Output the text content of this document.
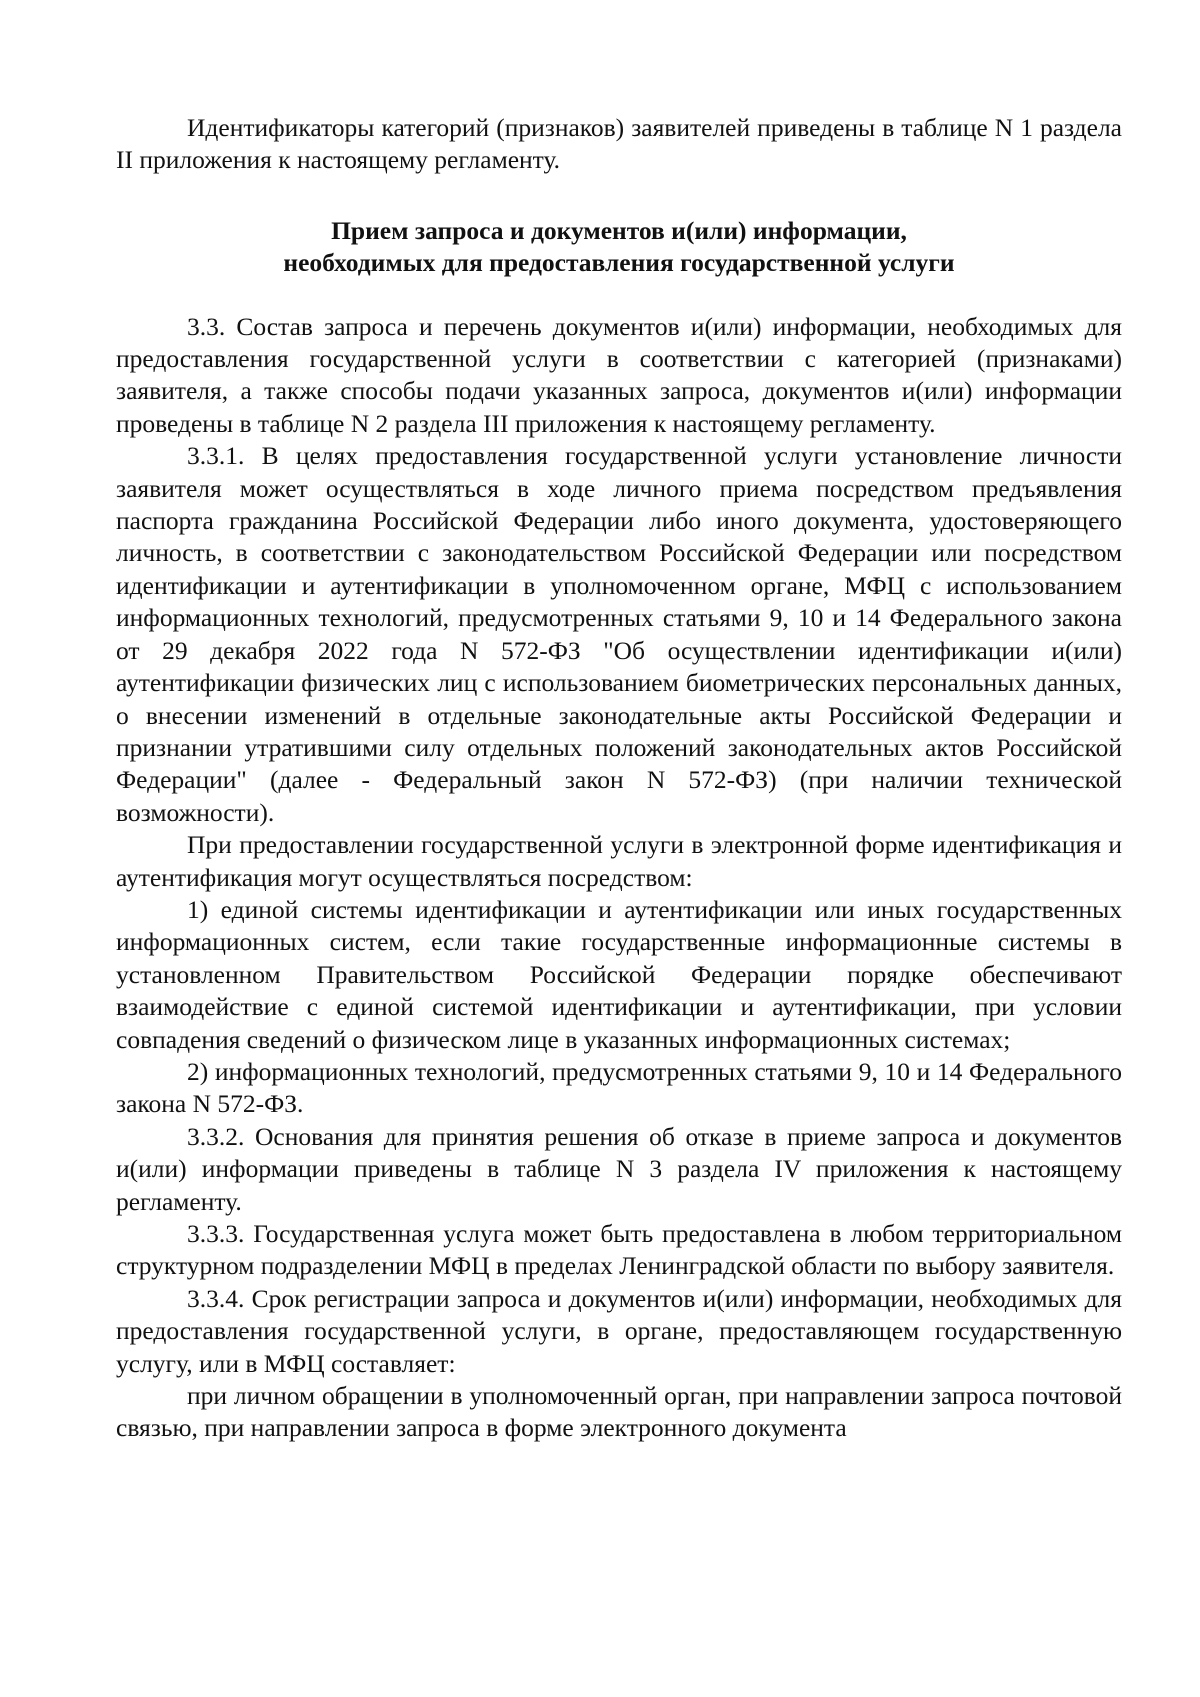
Идентификаторы категорий (признаков) заявителей приведены в таблице N 1 раздела II приложения к настоящему регламенту.

Прием запроса и документов и(или) информации,
необходимых для предоставления государственной услуги

3.3. Состав запроса и перечень документов и(или) информации, необходимых для предоставления государственной услуги в соответствии с категорией (признаками) заявителя, а также способы подачи указанных запроса, документов и(или) информации проведены в таблице N 2 раздела III приложения к настоящему регламенту.

3.3.1. В целях предоставления государственной услуги установление личности заявителя может осуществляться в ходе личного приема посредством предъявления паспорта гражданина Российской Федерации либо иного документа, удостоверяющего личность, в соответствии с законодательством Российской Федерации или посредством идентификации и аутентификации в уполномоченном органе, МФЦ с использованием информационных технологий, предусмотренных статьями 9, 10 и 14 Федерального закона от 29 декабря 2022 года N 572-ФЗ "Об осуществлении идентификации и(или) аутентификации физических лиц с использованием биометрических персональных данных, о внесении изменений в отдельные законодательные акты Российской Федерации и признании утратившими силу отдельных положений законодательных актов Российской Федерации" (далее - Федеральный закон N 572-ФЗ) (при наличии технической возможности).

При предоставлении государственной услуги в электронной форме идентификация и аутентификация могут осуществляться посредством:

1) единой системы идентификации и аутентификации или иных государственных информационных систем, если такие государственные информационные системы в установленном Правительством Российской Федерации порядке обеспечивают взаимодействие с единой системой идентификации и аутентификации, при условии совпадения сведений о физическом лице в указанных информационных системах;

2) информационных технологий, предусмотренных статьями 9, 10 и 14 Федерального закона N 572-ФЗ.

3.3.2. Основания для принятия решения об отказе в приеме запроса и документов и(или) информации приведены в таблице N 3 раздела IV приложения к настоящему регламенту.

3.3.3. Государственная услуга может быть предоставлена в любом территориальном структурном подразделении МФЦ в пределах Ленинградской области по выбору заявителя.

3.3.4. Срок регистрации запроса и документов и(или) информации, необходимых для предоставления государственной услуги, в органе, предоставляющем государственную услугу, или в МФЦ составляет:

при личном обращении в уполномоченный орган, при направлении запроса почтовой связью, при направлении запроса в форме электронного документа
